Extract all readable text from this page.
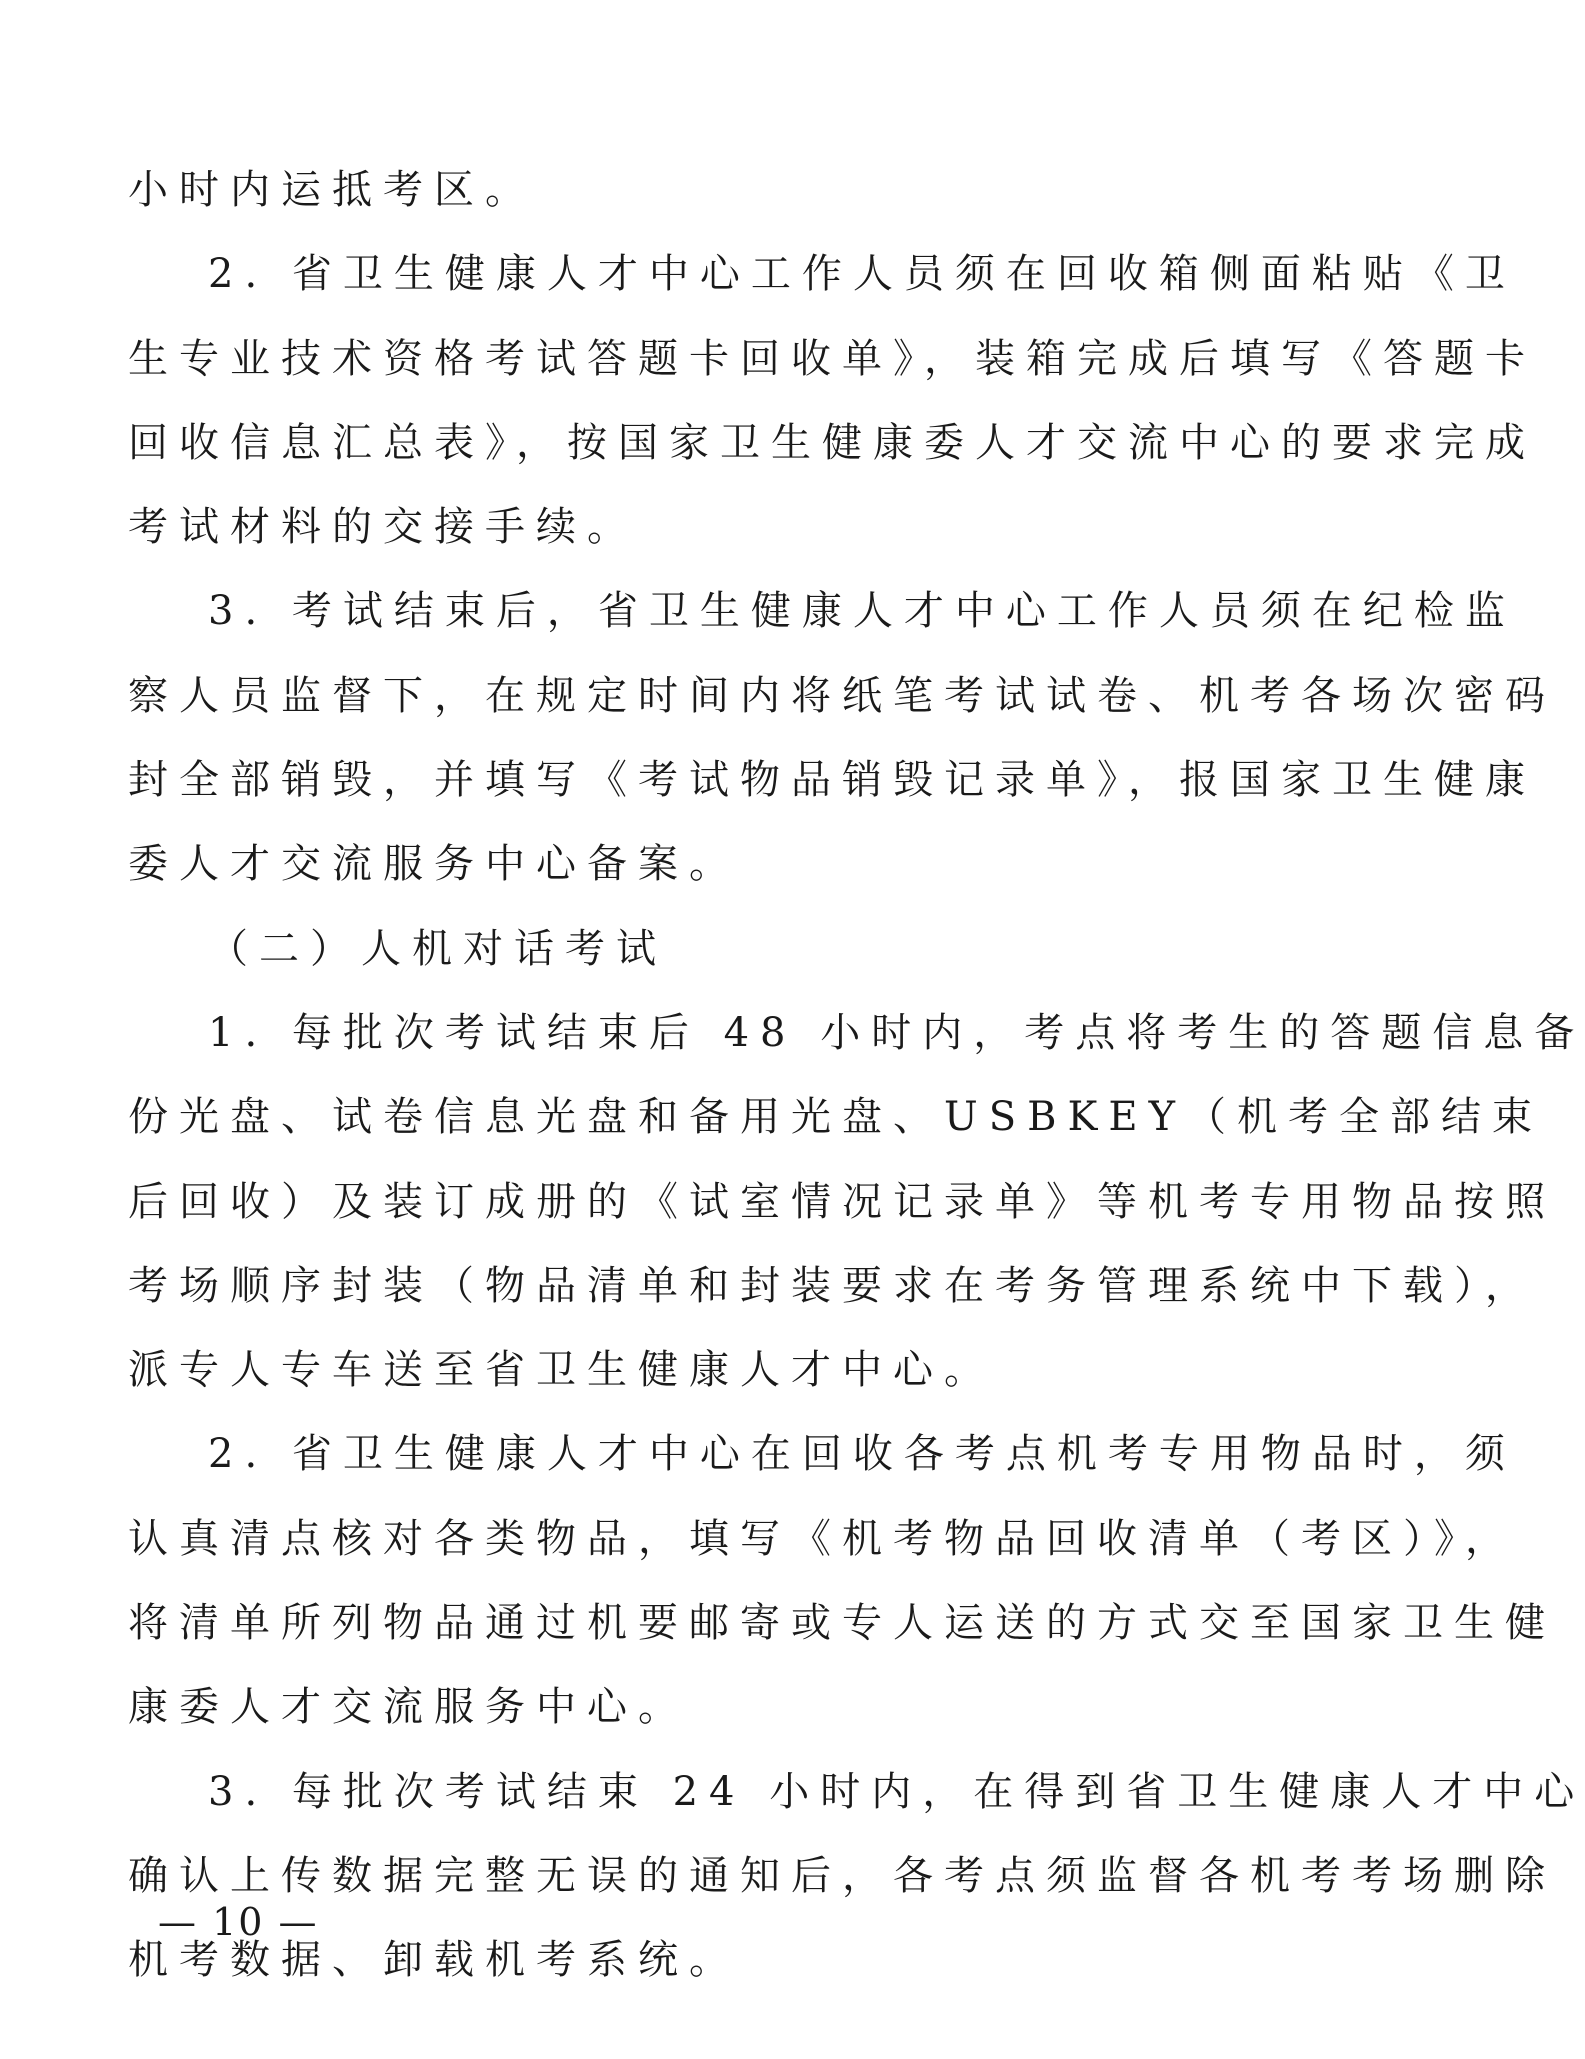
小时内运抵考区。
2. 省卫生健康人才中心工作人员须在回收箱侧面粘贴《卫
生专业技术资格考试答题卡回收单》，装箱完成后填写《答题卡
回收信息汇总表》，按国家卫生健康委人才交流中心的要求完成
考试材料的交接手续。
3. 考试结束后，省卫生健康人才中心工作人员须在纪检监
察人员监督下，在规定时间内将纸笔考试试卷、机考各场次密码
封全部销毁，并填写《考试物品销毁记录单》，报国家卫生健康
委人才交流服务中心备案。
（二）人机对话考试
1. 每批次考试结束后 48 小时内，考点将考生的答题信息备
份光盘、试卷信息光盘和备用光盘、USBKEY（机考全部结束
后回收）及装订成册的《试室情况记录单》等机考专用物品按照
考场顺序封装（物品清单和封装要求在考务管理系统中下载），
派专人专车送至省卫生健康人才中心。
2. 省卫生健康人才中心在回收各考点机考专用物品时，须
认真清点核对各类物品，填写《机考物品回收清单（考区）》，
将清单所列物品通过机要邮寄或专人运送的方式交至国家卫生健
康委人才交流服务中心。
3. 每批次考试结束 24 小时内，在得到省卫生健康人才中心
确认上传数据完整无误的通知后，各考点须监督各机考考场删除
机考数据、卸载机考系统。
— 10 —
